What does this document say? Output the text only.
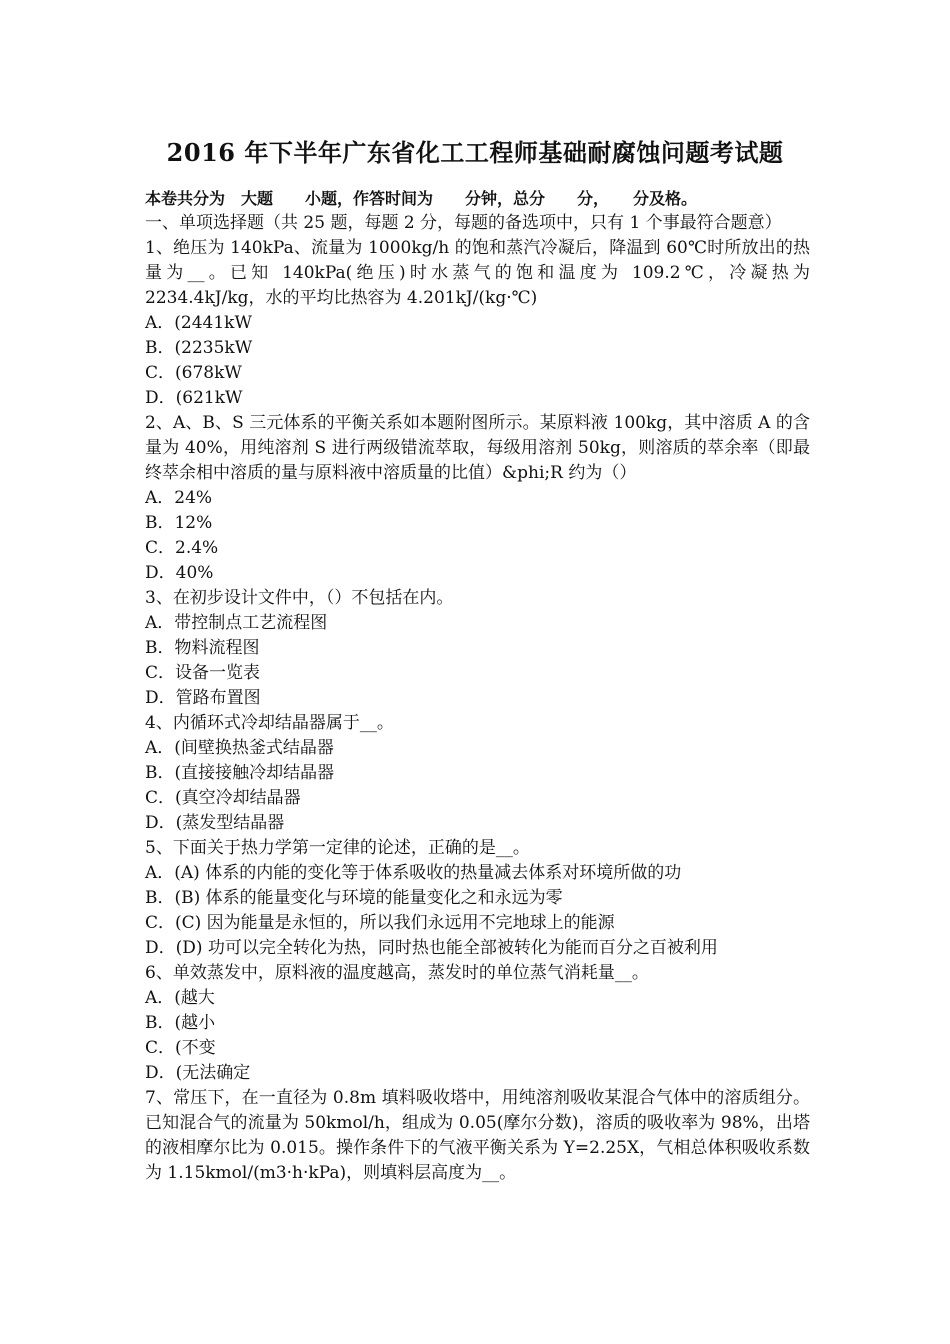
2016 年下半年广东省化工工程师基础耐腐蚀问题考试题

本卷共分为　大题　　小题，作答时间为　　分钟，总分　　分，　　分及格。

一、单项选择题（共 25 题，每题 2 分，每题的备选项中，只有 1 个事最符合题意）

1、绝压为 140kPa、流量为 1000kg/h 的饱和蒸汽冷凝后，降温到 60℃时所放出的热量为__。已知 140kPa(绝压)时水蒸气的饱和温度为 109.2℃，冷凝热为 2234.4kJ/kg，水的平均比热容为 4.201kJ/(kg·℃)

A．(2441kW

B．(2235kW

C．(678kW

D．(621kW

2、A、B、S 三元体系的平衡关系如本题附图所示。某原料液 100kg，其中溶质 A 的含量为 40%，用纯溶剂 S 进行两级错流萃取，每级用溶剂 50kg，则溶质的萃余率（即最终萃余相中溶质的量与原料液中溶质量的比值）&phi;R 约为（）

A．24%

B．12%

C．2.4%

D．40%

3、在初步设计文件中，（）不包括在内。

A．带控制点工艺流程图

B．物料流程图

C．设备一览表

D．管路布置图

4、内循环式冷却结晶器属于__。

A．(间壁换热釜式结晶器

B．(直接接触冷却结晶器

C．(真空冷却结晶器

D．(蒸发型结晶器

5、下面关于热力学第一定律的论述，正确的是__。

A．(A) 体系的内能的变化等于体系吸收的热量减去体系对环境所做的功

B．(B) 体系的能量变化与环境的能量变化之和永远为零

C．(C) 因为能量是永恒的，所以我们永远用不完地球上的能源

D．(D) 功可以完全转化为热，同时热也能全部被转化为能而百分之百被利用

6、单效蒸发中，原料液的温度越高，蒸发时的单位蒸气消耗量__。

A．(越大

B．(越小

C．(不变

D．(无法确定

7、常压下，在一直径为 0.8m 填料吸收塔中，用纯溶剂吸收某混合气体中的溶质组分。已知混合气的流量为 50kmol/h，组成为 0.05(摩尔分数)，溶质的吸收率为 98%，出塔的液相摩尔比为 0.015。操作条件下的气液平衡关系为 Y=2.25X，气相总体积吸收系数为 1.15kmol/(m3·h·kPa)，则填料层高度为__。
